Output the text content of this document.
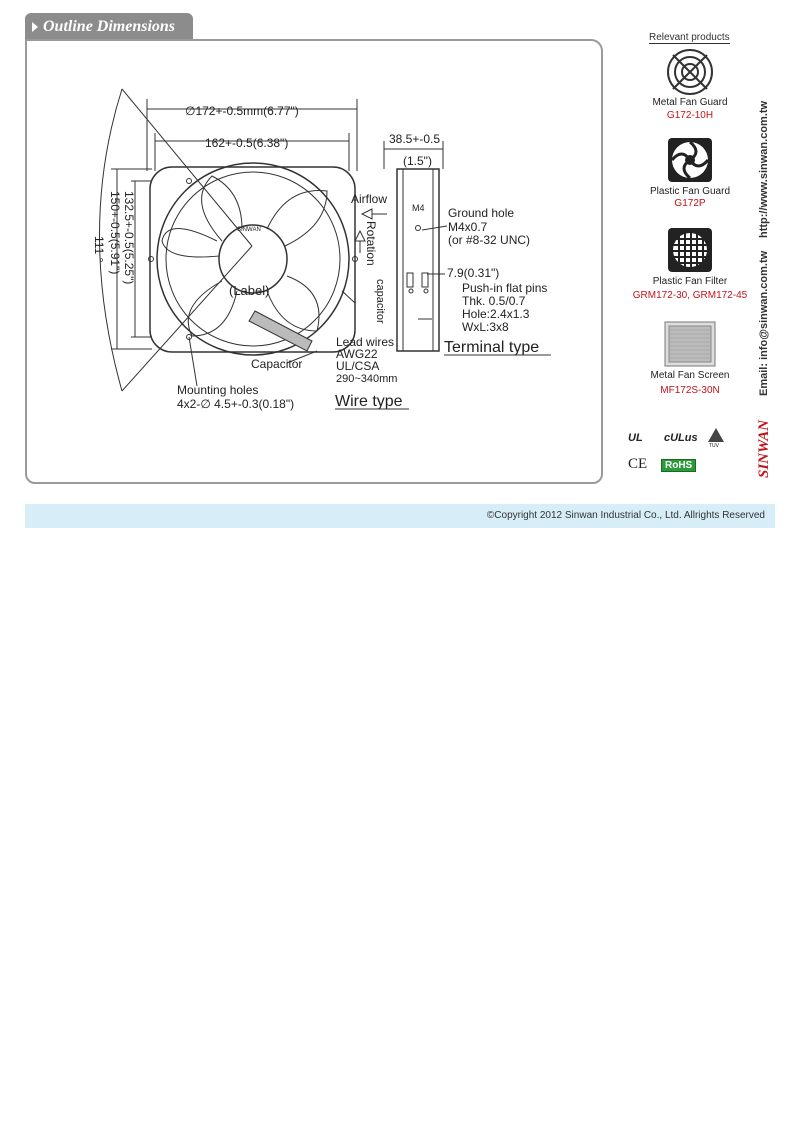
Outline Dimensions
∅172+-0.5mm(6.77")
162+-0.5(6.38")	38.5+-0.5
(1.5")
132.5+-0.5(5.25")
150+-0.5(5.91")
111 °
Airflow
Rotation
capacitor
(Label)
SINWAN
M4 Ground hole
M4x0.7
(or #8-32 UNC)
7.9(0.31")
Push-in flat pins
Thk. 0.5/0.7
Hole:2.4x1.3
WxL:3x8
Terminal type
Lead wires
AWG22
UL/CSA
290~340mm
Capacitor
Mounting holes
4x2-∅ 4.5+-0.3(0.18")	Wire type
Relevant products
Metal Fan Guard
G172-10H
Plastic Fan Guard
G172P
Plastic Fan Filter
GRM172-30, GRM172-45
Metal Fan Screen
MF172S-30N
UL cULus
TUV
CE	RoHS
http://www.sinwan.com.tw
Email: info@sinwan.com.tw
SINWAN
©Copyright 2012 Sinwan Industrial Co., Ltd. Allrights Reserved
